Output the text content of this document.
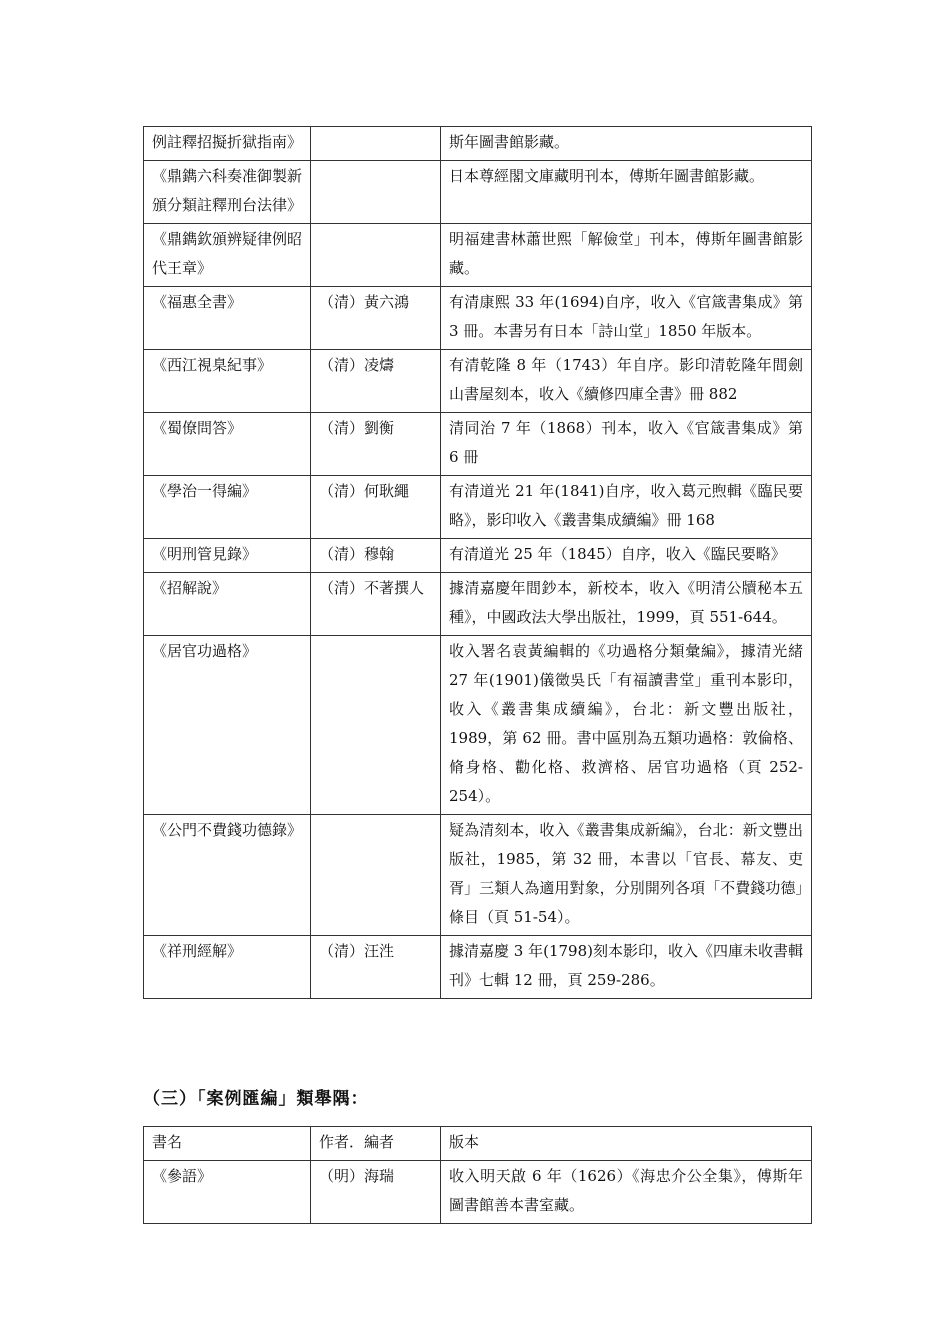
例註釋招擬折獄指南》		斯年圖書館影藏。
《鼎鐫六科奏准御製新頒分類註釋刑台法律》		日本尊經閣文庫藏明刊本，傅斯年圖書館影藏。
《鼎鐫欽頒辨疑律例昭代王章》		明福建書林蕭世熙「解儉堂」刊本，傅斯年圖書館影藏。
《福惠全書》	（清）黃六鴻	有清康熙 33 年(1694)自序，收入《官箴書集成》第 3 冊。本書另有日本「詩山堂」1850 年版本。
《西江視臬紀事》	（清）凌燽	有清乾隆 8 年（1743）年自序。影印清乾隆年間劍山書屋刻本，收入《續修四庫全書》冊 882
《蜀僚問答》	（清）劉衡	清同治 7 年（1868）刊本，收入《官箴書集成》第 6 冊
《學治一得編》	（清）何耿繩	有清道光 21 年(1841)自序，收入葛元煦輯《臨民要略》，影印收入《叢書集成續編》冊 168
《明刑管見錄》	（清）穆翰	有清道光 25 年（1845）自序，收入《臨民要略》
《招解說》	（清）不著撰人	據清嘉慶年間鈔本，新校本，收入《明清公牘秘本五種》，中國政法大學出版社，1999，頁 551-644。
《居官功過格》		收入署名袁黃編輯的《功過格分類彙編》，據清光緒 27 年(1901)儀徵吳氏「有福讀書堂」重刊本影印，收入《叢書集成續編》，台北：新文豐出版社，1989，第 62 冊。書中區別為五類功過格：敦倫格、脩身格、勸化格、救濟格、居官功過格（頁 252-254）。
《公門不費錢功德錄》		疑為清刻本，收入《叢書集成新編》，台北：新文豐出版社，1985，第 32 冊，本書以「官長、幕友、吏胥」三類人為適用對象，分別開列各項「不費錢功德」條目（頁 51-54）。
《祥刑經解》	（清）汪泩	據清嘉慶 3 年(1798)刻本影印，收入《四庫未收書輯刊》七輯 12 冊，頁 259-286。
（三）「案例匯編」類舉隅：
書名	作者．編者	版本
《參語》	（明）海瑞	收入明天啟 6 年（1626）《海忠介公全集》，傅斯年圖書館善本書室藏。
